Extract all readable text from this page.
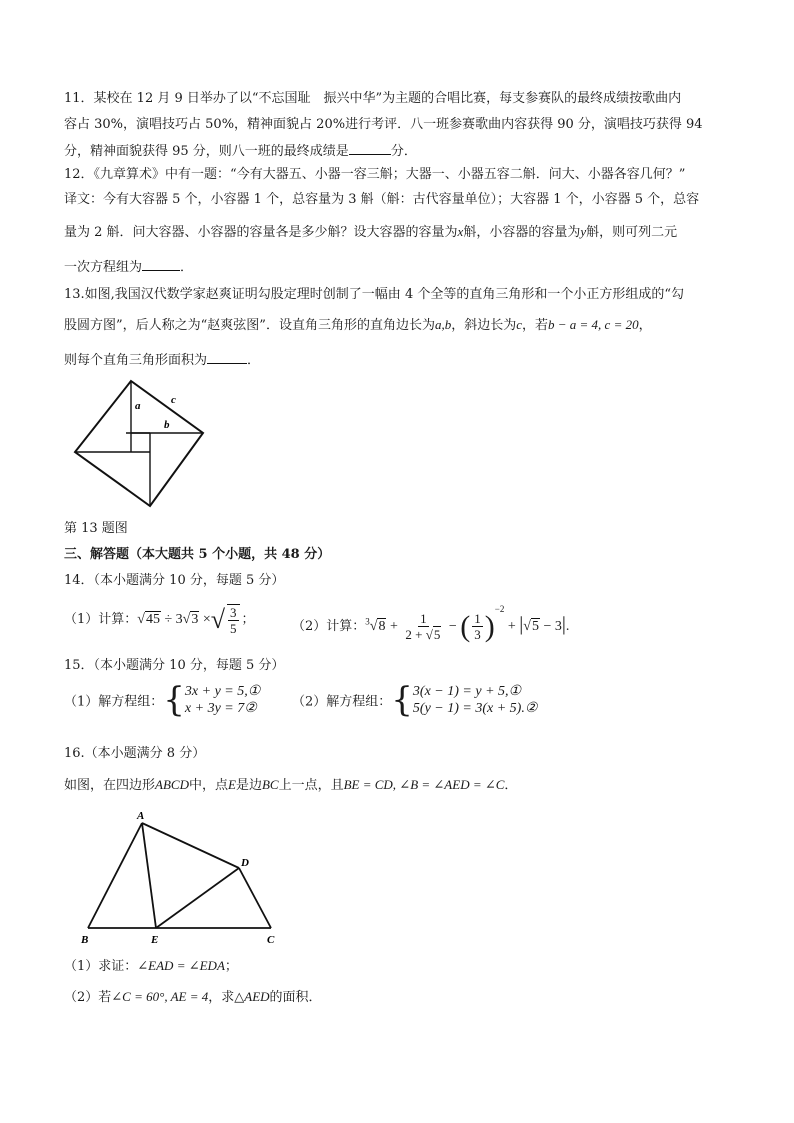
11．某校在 12 月 9 日举办了以“不忘国耻　振兴中华”为主题的合唱比赛，每支参赛队的最终成绩按歌曲内
容占 30%，演唱技巧占 50%，精神面貌占 20%进行考评．八一班参赛歌曲内容获得 90 分，演唱技巧获得 94
分，精神面貌获得 95 分，则八一班的最终成绩是	分．
12．《九章算术》中有一题：“今有大器五、小器一容三斛；大器一、小器五容二斛．问大、小器各容几何？”
译文：今有大容器 5 个，小容器 1 个，总容量为 3 斛（斛：古代容量单位）；大容器 1 个，小容器 5 个，总容
量为 2 斛．问大容器、小容器的容量各是多少斛？设大容器的容量为x斛，小容器的容量为y斛，则可列二元
一次方程组为	．
13.如图,我国汉代数学家赵爽证明勾股定理时创制了一幅由 4 个全等的直角三角形和一个小正方形组成的“勾
股圆方图”，后人称之为“赵爽弦图”．设直角三角形的直角边长为a,b，斜边长为c，若b − a = 4, c = 20，
则每个直角三角形面积为	．
a	c
b
第 13 题图
三、解答题（本大题共 5 个小题，共 48 分）
14．（本小题满分 10 分，每题 5 分）
（1）计算：√45 ÷ 3√3 ×√ $\frac{3}{5}$ ；	（2）计算：$^3√8 + \frac{1}{2 + √5}$ − ( $\frac{1}{3} )^{-2} + |√5 - 3|$.
15．（本小题满分 10 分，每题 5 分）
（1）解方程组：{ 3x + y = 5,①
x + 3y = 7②	（2）解方程组：{ 3(x − 1) = y + 5,①
5(y − 1) = 3(x + 5).②
16.（本小题满分 8 分）
如图，在四边形ABCD中，点E是边BC上一点，且BE = CD, ∠B = ∠AED = ∠C．
A
B	E	C
D
（1）求证：∠EAD = ∠EDA；
（2）若∠C = 60°, AE = 4，求△AED的面积．
